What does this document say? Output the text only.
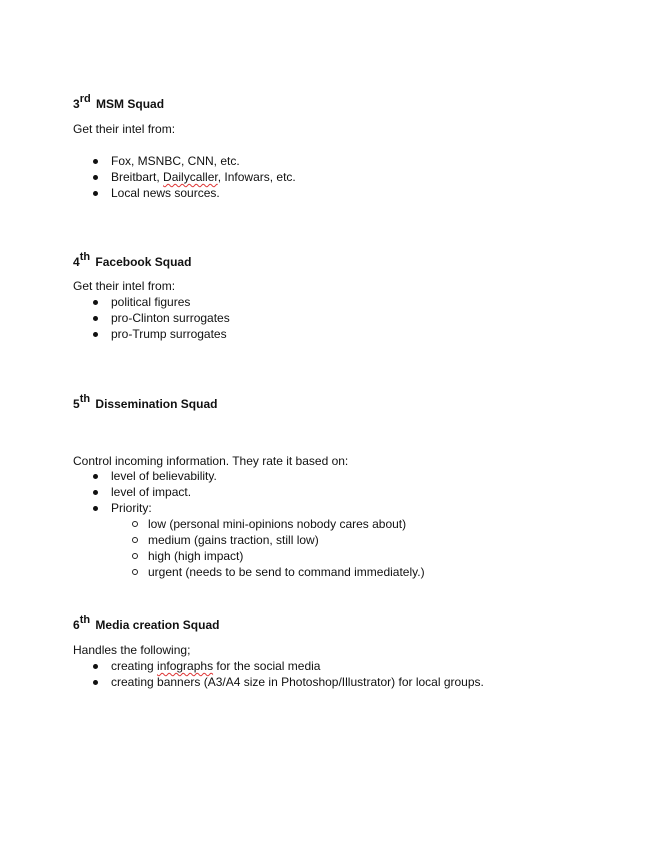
3rd MSM Squad
Get their intel from:
Fox, MSNBC, CNN, etc.
Breitbart, Dailycaller, Infowars, etc.
Local news sources.
4th Facebook Squad
Get their intel from:
political figures
pro-Clinton surrogates
pro-Trump surrogates
5th Dissemination Squad
Control incoming information. They rate it based on:
level of believability.
level of impact.
Priority:
low (personal mini-opinions nobody cares about)
medium (gains traction, still low)
high (high impact)
urgent (needs to be send to command immediately.)
6th Media creation Squad
Handles the following;
creating infographs for the social media
creating banners (A3/A4 size in Photoshop/Illustrator) for local groups.
